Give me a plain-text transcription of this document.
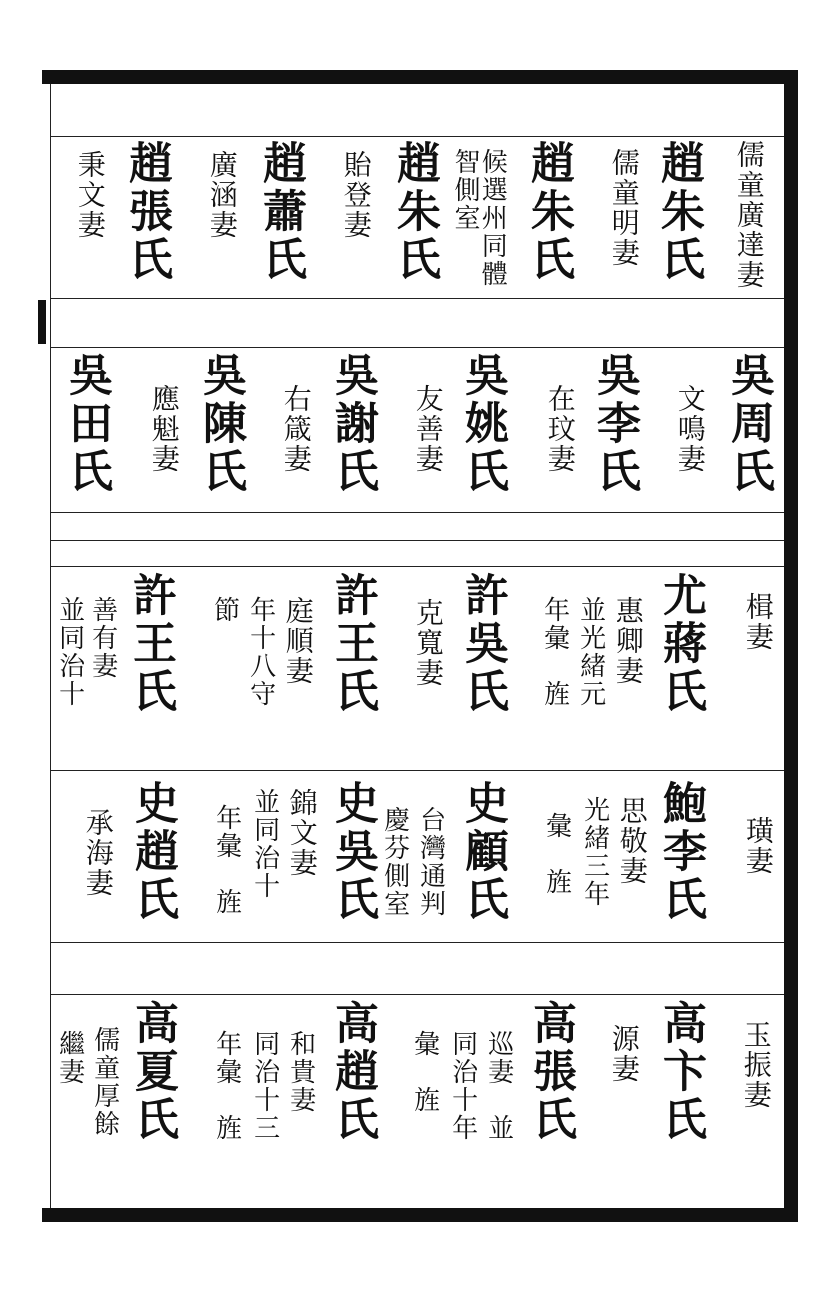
儒童廣達妻
趙朱氏
儒童明妻
趙朱氏
候選州同體智側室
趙朱氏
貽登妻
趙蕭氏
廣涵妻
趙張氏
秉文妻
吳周氏
文鳴妻
吳李氏
在玟妻
吳姚氏
友善妻
吳謝氏
右箴妻
吳陳氏
應魁妻
吳田氏
楫妻
尤蔣氏
惠卿妻
並光緒元
年彙　旌
許吳氏
克寬妻
許王氏
庭順妻
年十八守
節
許王氏
善有妻
並同治十
璜妻
鮑李氏
思敬妻
光緒三年
彙　旌
史顧氏
台灣通判
慶芬側室
史吳氏
錦文妻
並同治十
年彙　旌
史趙氏
承海妻
玉振妻
高卞氏
源妻
高張氏
巡妻　並
同治十年
彙　旌
高趙氏
和貴妻
同治十三
年彙　旌
高夏氏
儒童厚餘
繼妻
